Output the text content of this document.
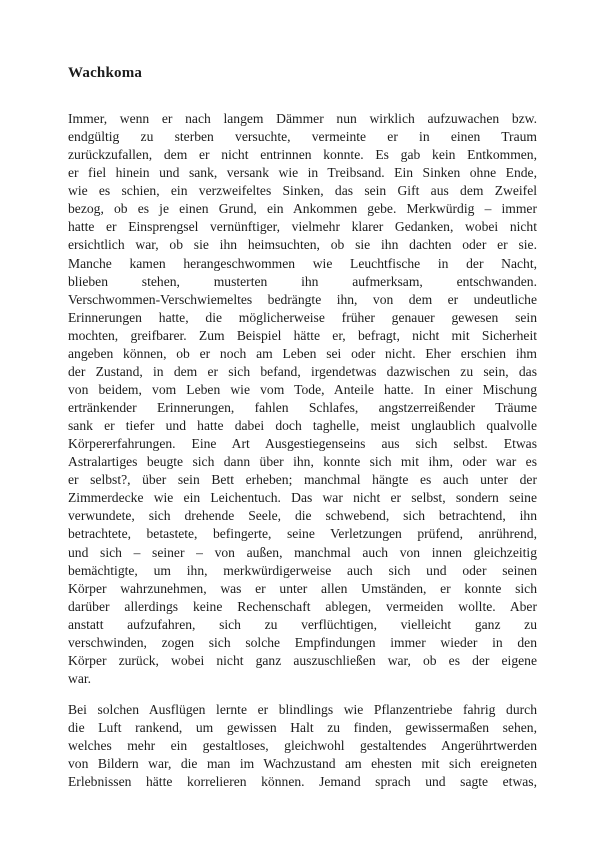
Wachkoma
Immer, wenn er nach langem Dämmer nun wirklich aufzuwachen bzw.
endgültig zu sterben versuchte, vermeinte er in einen Traum
zurückzufallen, dem er nicht entrinnen konnte. Es gab kein Entkommen,
er fiel hinein und sank, versank wie in Treibsand. Ein Sinken ohne Ende,
wie es schien, ein verzweifeltes Sinken, das sein Gift aus dem Zweifel
bezog, ob es je einen Grund, ein Ankommen gebe. Merkwürdig – immer
hatte er Einsprengsel vernünftiger, vielmehr klarer Gedanken, wobei nicht
ersichtlich war, ob sie ihn heimsuchten, ob sie ihn dachten oder er sie.
Manche kamen herangeschwommen wie Leuchtfische in der Nacht,
blieben stehen, musterten ihn aufmerksam, entschwanden.
Verschwommen-Verschwiemeltes bedrängte ihn, von dem er undeutliche
Erinnerungen hatte, die möglicherweise früher genauer gewesen sein
mochten, greifbarer. Zum Beispiel hätte er, befragt, nicht mit Sicherheit
angeben können, ob er noch am Leben sei oder nicht. Eher erschien ihm
der Zustand, in dem er sich befand, irgendetwas dazwischen zu sein, das
von beidem, vom Leben wie vom Tode, Anteile hatte. In einer Mischung
ertränkender Erinnerungen, fahlen Schlafes, angstzerreißender Träume
sank er tiefer und hatte dabei doch taghelle, meist unglaublich qualvolle
Körpererfahrungen. Eine Art Ausgestiegenseins aus sich selbst. Etwas
Astralartiges beugte sich dann über ihn, konnte sich mit ihm, oder war es
er selbst?, über sein Bett erheben; manchmal hängte es auch unter der
Zimmerdecke wie ein Leichentuch. Das war nicht er selbst, sondern seine
verwundete, sich drehende Seele, die schwebend, sich betrachtend, ihn
betrachtete, betastete, befingerte, seine Verletzungen prüfend, anrührend,
und sich – seiner – von außen, manchmal auch von innen gleichzeitig
bemächtigte, um ihn, merkwürdigerweise auch sich und oder seinen
Körper wahrzunehmen, was er unter allen Umständen, er konnte sich
darüber allerdings keine Rechenschaft ablegen, vermeiden wollte. Aber
anstatt aufzufahren, sich zu verflüchtigen, vielleicht ganz zu
verschwinden, zogen sich solche Empfindungen immer wieder in den
Körper zurück, wobei nicht ganz auszuschließen war, ob es der eigene
war.
Bei solchen Ausflügen lernte er blindlings wie Pflanzentriebe fahrig durch
die Luft rankend, um gewissen Halt zu finden, gewissermaßen sehen,
welches mehr ein gestaltloses, gleichwohl gestaltendes Angerührtwerden
von Bildern war, die man im Wachzustand am ehesten mit sich ereigneten
Erlebnissen hätte korrelieren können. Jemand sprach und sagte etwas,
